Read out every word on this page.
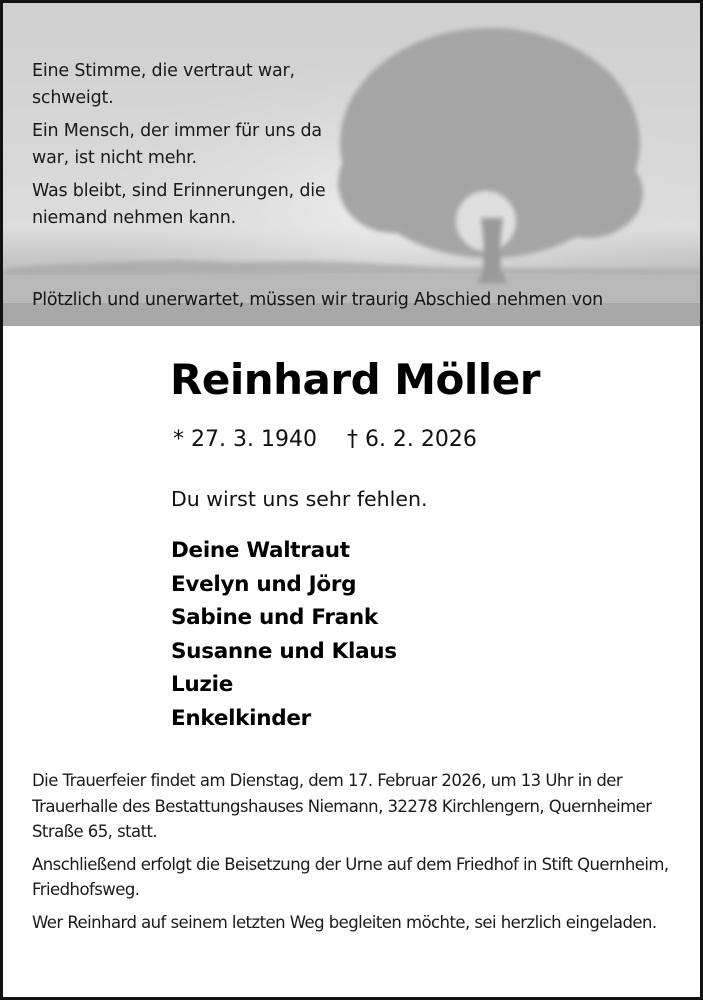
Eine Stimme, die vertraut war, schweigt.

Ein Mensch, der immer für uns da war, ist nicht mehr.

Was bleibt, sind Erinnerungen, die niemand nehmen kann.

Plötzlich und unerwartet, müssen wir traurig Abschied nehmen von
Reinhard Möller
* 27. 3. 1940 † 6. 2. 2026
Du wirst uns sehr fehlen.
Deine Waltraut
Evelyn und Jörg
Sabine und Frank
Susanne und Klaus
Luzie
Enkelkinder

Die Trauerfeier findet am Dienstag, dem 17. Februar 2026, um 13 Uhr in der Trauerhalle des Bestattungshauses Niemann, 32278 Kirchlengern, Quernheimer Straße 65, statt.

Anschließend erfolgt die Beisetzung der Urne auf dem Friedhof in Stift Quernheim, Friedhofsweg.

Wer Reinhard auf seinem letzten Weg begleiten möchte, sei herzlich eingeladen.
